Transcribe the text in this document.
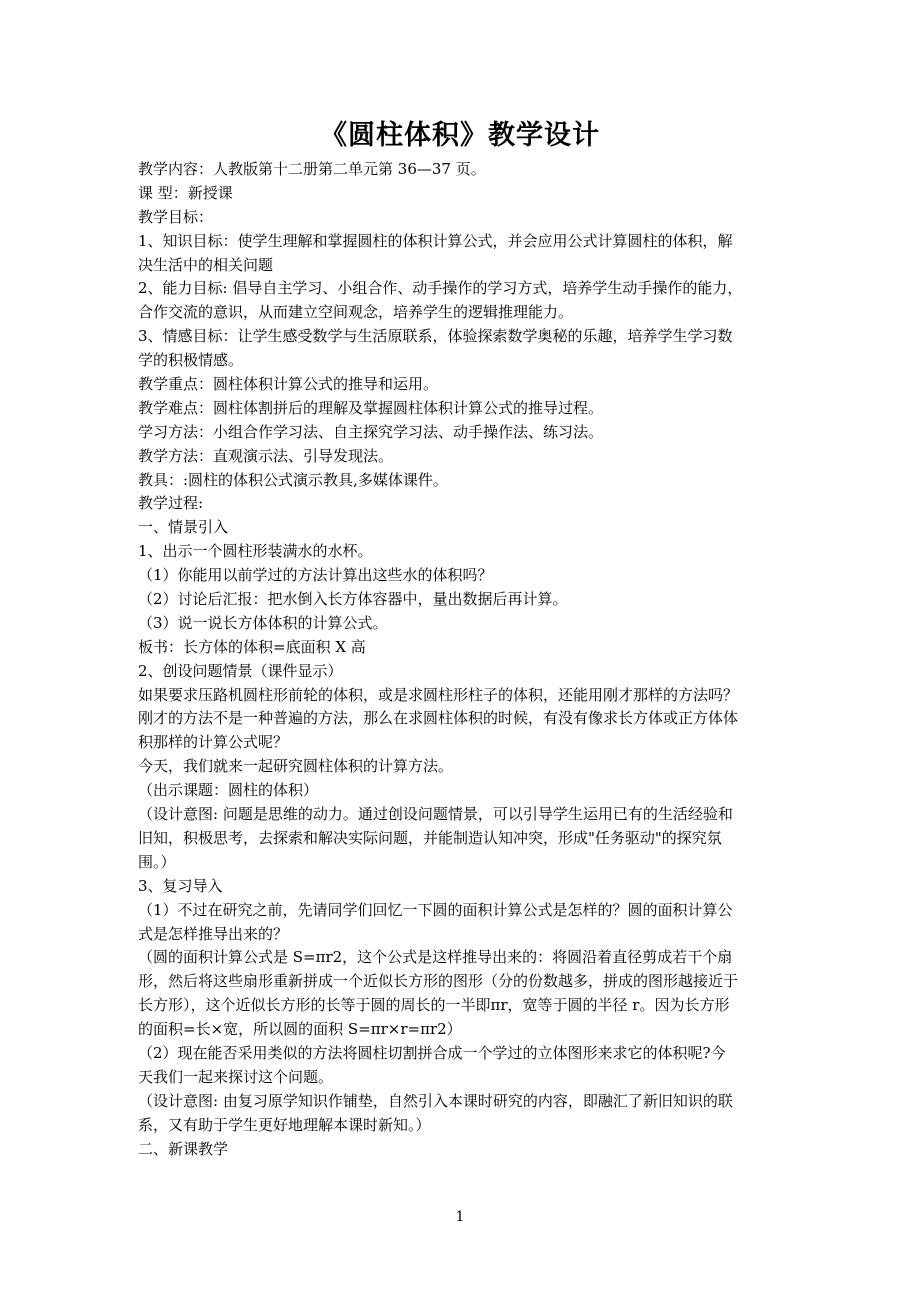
《圆柱体积》教学设计
教学内容：人教版第十二册第二单元第 36—37 页。
课 型：新授课
教学目标：
1、知识目标：使学生理解和掌握圆柱的体积计算公式，并会应用公式计算圆柱的体积，解
决生活中的相关问题
2、能力目标: 倡导自主学习、小组合作、动手操作的学习方式，培养学生动手操作的能力，
合作交流的意识，从而建立空间观念，培养学生的逻辑推理能力。
3、情感目标：让学生感受数学与生活原联系，体验探索数学奥秘的乐趣，培养学生学习数
学的积极情感。
教学重点：圆柱体积计算公式的推导和运用。
教学难点：圆柱体割拼后的理解及掌握圆柱体积计算公式的推导过程。
学习方法：小组合作学习法、自主探究学习法、动手操作法、练习法。
教学方法：直观演示法、引导发现法。
教具：:圆柱的体积公式演示教具,多媒体课件。
教学过程:
一、情景引入
1、出示一个圆柱形装满水的水杯。
（1）你能用以前学过的方法计算出这些水的体积吗？
（2）讨论后汇报：把水倒入长方体容器中，量出数据后再计算。
（3）说一说长方体体积的计算公式。
板书：长方体的体积=底面积 X 高
2、创设问题情景（课件显示）
如果要求压路机圆柱形前轮的体积，或是求圆柱形柱子的体积，还能用刚才那样的方法吗？
刚才的方法不是一种普遍的方法，那么在求圆柱体积的时候，有没有像求长方体或正方体体
积那样的计算公式呢？
今天，我们就来一起研究圆柱体积的计算方法。
（出示课题：圆柱的体积）
（设计意图: 问题是思维的动力。通过创设问题情景，可以引导学生运用已有的生活经验和
旧知，积极思考，去探索和解决实际问题，并能制造认知冲突，形成"任务驱动"的探究氛
围。）
3、复习导入
（1）不过在研究之前，先请同学们回忆一下圆的面积计算公式是怎样的？圆的面积计算公
式是怎样推导出来的？
（圆的面积计算公式是 S=πr2，这个公式是这样推导出来的：将圆沿着直径剪成若干个扇
形，然后将这些扇形重新拼成一个近似长方形的图形（分的份数越多，拼成的图形越接近于
长方形），这个近似长方形的长等于圆的周长的一半即πr，宽等于圆的半径 r。因为长方形
的面积=长×宽，所以圆的面积 S=πr×r=πr2）
（2）现在能否采用类似的方法将圆柱切割拼合成一个学过的立体图形来求它的体积呢?今
天我们一起来探讨这个问题。
（设计意图: 由复习原学知识作铺垫，自然引入本课时研究的内容，即融汇了新旧知识的联
系，又有助于学生更好地理解本课时新知。）
二、新课教学
1
